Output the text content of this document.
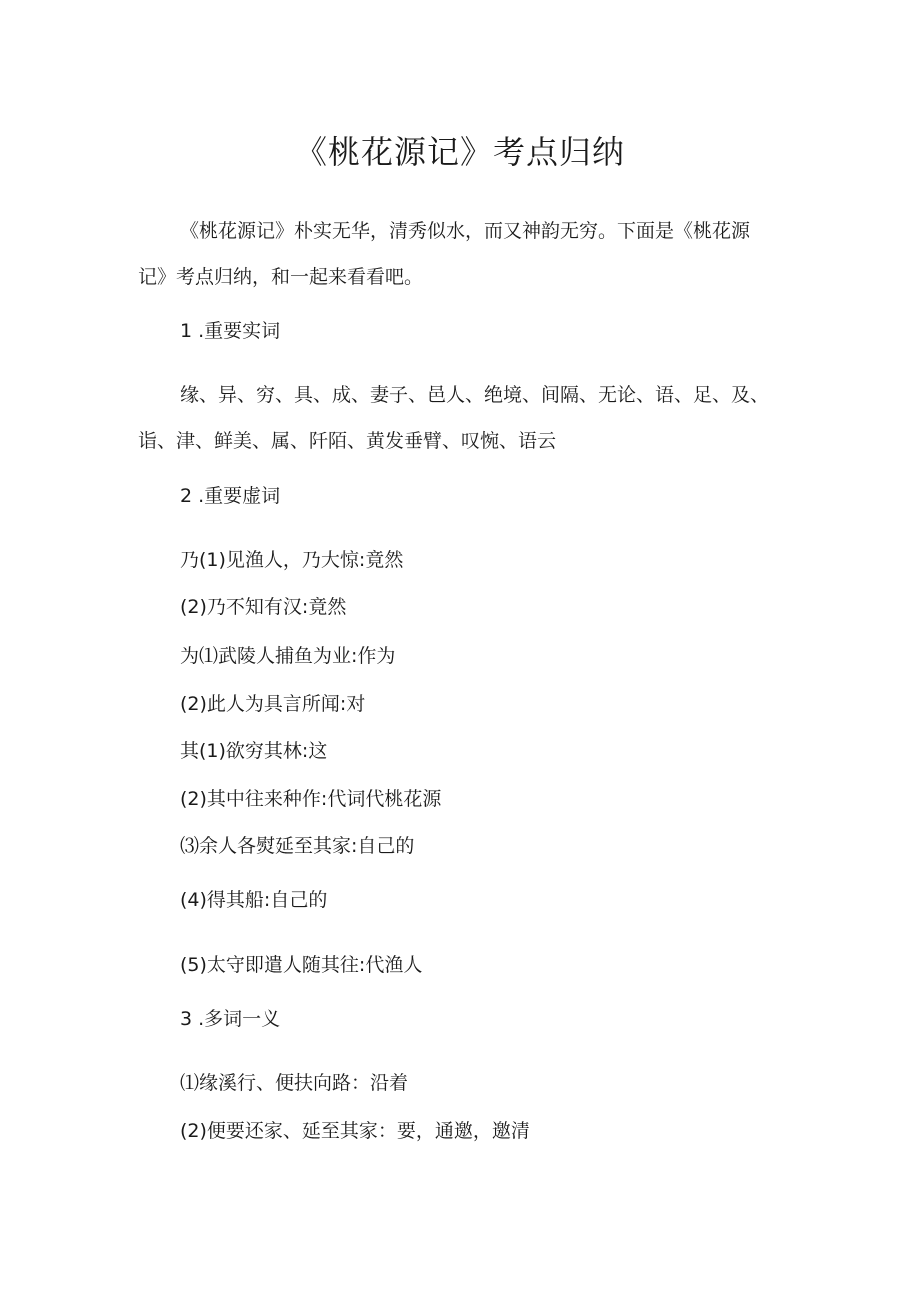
《桃花源记》考点归纳

《桃花源记》朴实无华，清秀似水，而又神韵无穷。下面是《桃花源记》考点归纳，和一起来看看吧。

1 .重要实词

缘、异、穷、具、成、妻子、邑人、绝境、间隔、无论、语、足、及、诣、津、鲜美、属、阡陌、黄发垂臂、叹惋、语云

2 .重要虚词

乃(1)见渔人，乃大惊:竟然

(2)乃不知有汉:竟然

为⑴武陵人捕鱼为业:作为

(2)此人为具言所闻:对

其(1)欲穷其林:这

(2)其中往来种作:代词代桃花源

⑶余人各熨延至其家:自己的

(4)得其船:自己的

(5)太守即遣人随其往:代渔人

3 .多词一义

⑴缘溪行、便扶向路：沿着

(2)便要还家、延至其家：要，通邀，邀清
